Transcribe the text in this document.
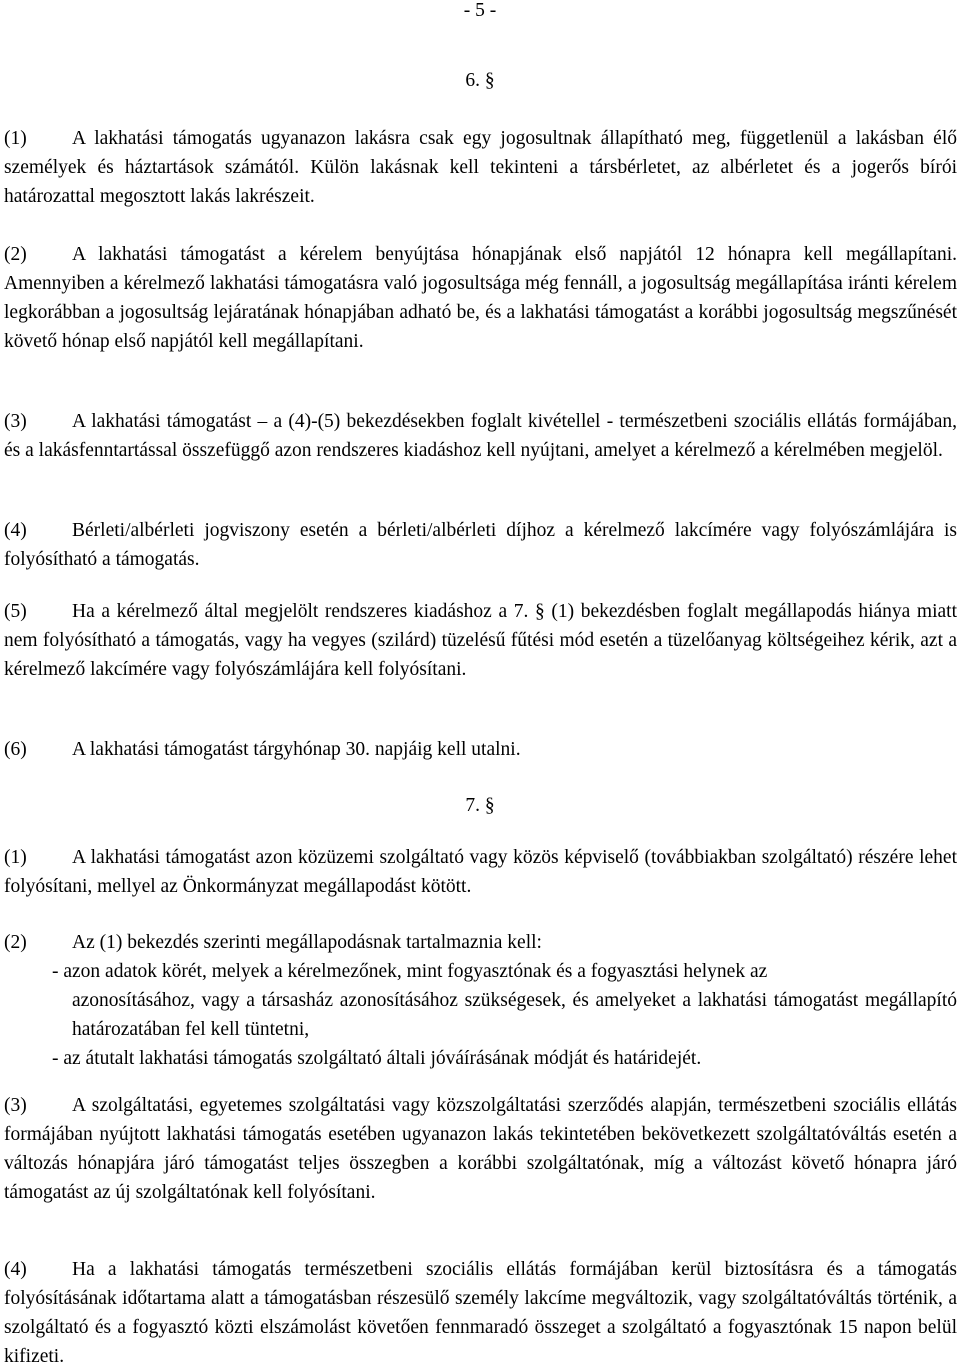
- 5 -
6. §

(1) A lakhatási támogatás ugyanazon lakásra csak egy jogosultnak állapítható meg, függetlenül a lakásban élő személyek és háztartások számától. Külön lakásnak kell tekinteni a társbérletet, az albérletet és a jogerős bírói határozattal megosztott lakás lakrészeit.

(2) A lakhatási támogatást a kérelem benyújtása hónapjának első napjától 12 hónapra kell megállapítani. Amennyiben a kérelmező lakhatási támogatásra való jogosultsága még fennáll, a jogosultság megállapítása iránti kérelem legkorábban a jogosultság lejáratának hónapjában adható be, és a lakhatási támogatást a korábbi jogosultság megszűnését követő hónap első napjától kell megállapítani.

(3) A lakhatási támogatást – a (4)-(5) bekezdésekben foglalt kivétellel - természetbeni szociális ellátás formájában, és a lakásfenntartással összefüggő azon rendszeres kiadáshoz kell nyújtani, amelyet a kérelmező a kérelmében megjelöl.

(4) Bérleti/albérleti jogviszony esetén a bérleti/albérleti díjhoz a kérelmező lakcímére vagy folyószámlájára is folyósítható a támogatás.

(5) Ha a kérelmező által megjelölt rendszeres kiadáshoz a 7. § (1) bekezdésben foglalt megállapodás hiánya miatt nem folyósítható a támogatás, vagy ha vegyes (szilárd) tüzelésű fűtési mód esetén a tüzelőanyag költségeihez kérik, azt a kérelmező lakcímére vagy folyószámlájára kell folyósítani.

(6) A lakhatási támogatást tárgyhónap 30. napjáig kell utalni.

7. §

(1) A lakhatási támogatást azon közüzemi szolgáltató vagy közös képviselő (továbbiakban szolgáltató) részére lehet folyósítani, mellyel az Önkormányzat megállapodást kötött.

(2) Az (1) bekezdés szerinti megállapodásnak tartalmaznia kell:
- azon adatok körét, melyek a kérelmezőnek, mint fogyasztónak és a fogyasztási helynek az
azonosításához, vagy a társasház azonosításához szükségesek, és amelyeket a lakhatási támogatást megállapító határozatában fel kell tüntetni,
- az átutalt lakhatási támogatás szolgáltató általi jóváírásának módját és határidejét.

(3) A szolgáltatási, egyetemes szolgáltatási vagy közszolgáltatási szerződés alapján, természetbeni szociális ellátás formájában nyújtott lakhatási támogatás esetében ugyanazon lakás tekintetében bekövetkezett szolgáltatóváltás esetén a változás hónapjára járó támogatást teljes összegben a korábbi szolgáltatónak, míg a változást követő hónapra járó támogatást az új szolgáltatónak kell folyósítani.

(4) Ha a lakhatási támogatás természetbeni szociális ellátás formájában kerül biztosításra és a támogatás folyósításának időtartama alatt a támogatásban részesülő személy lakcíme megváltozik, vagy szolgáltatóváltás történik, a szolgáltató és a fogyasztó közti elszámolást követően fennmaradó összeget a szolgáltató a fogyasztónak 15 napon belül kifizeti.
